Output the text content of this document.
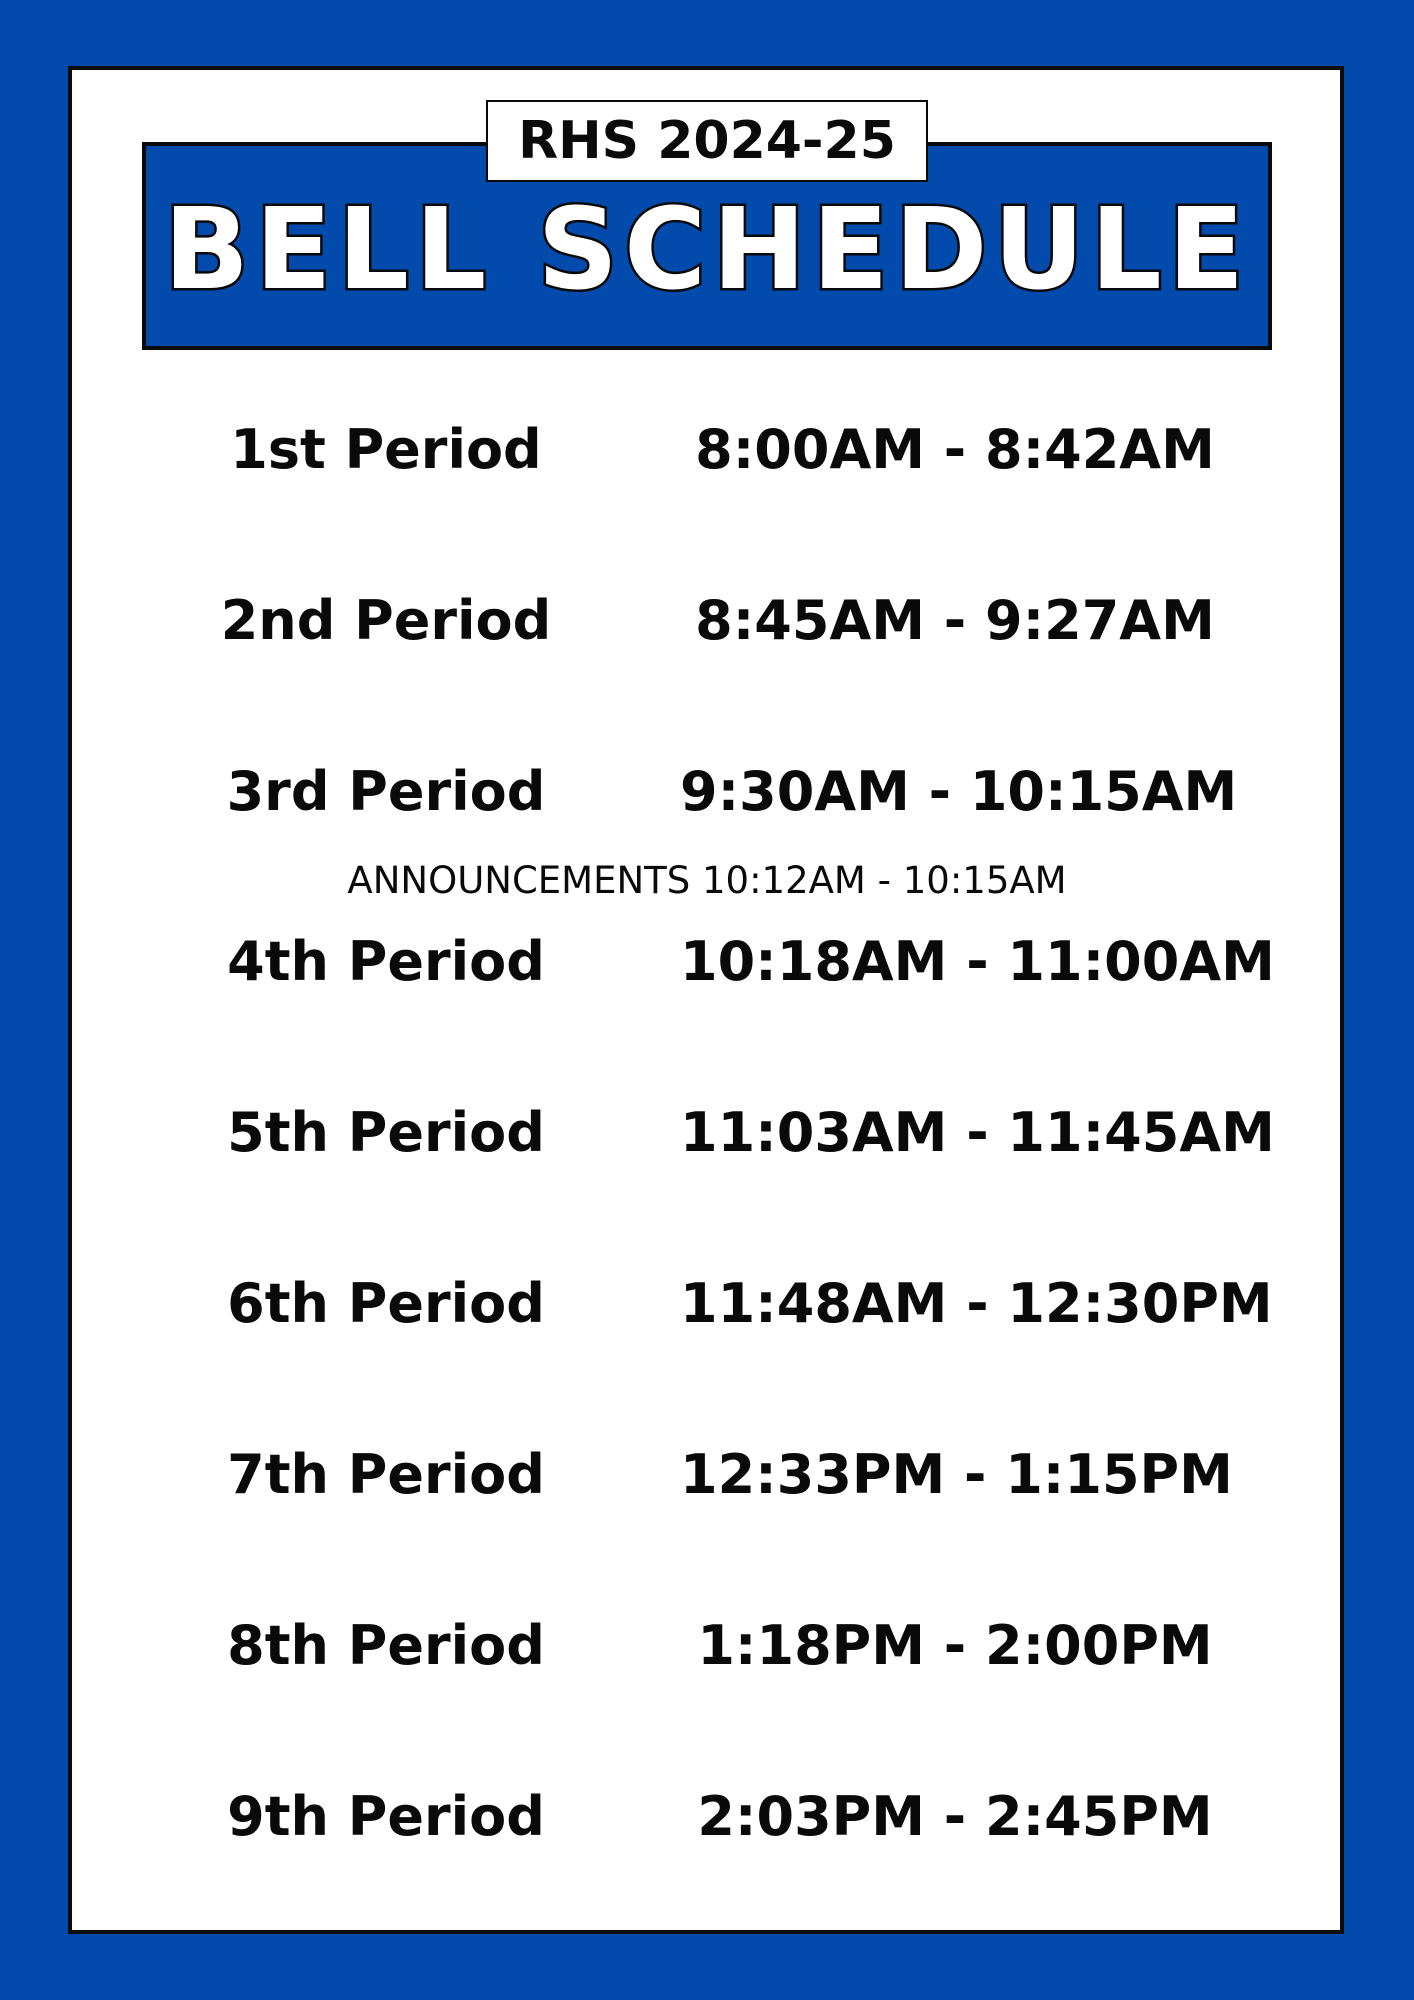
BELL SCHEDULE
RHS 2024-25
1st Period	8:00AM - 8:42AM
2nd Period	8:45AM - 9:27AM
3rd Period	9:30AM - 10:15AM
ANNOUNCEMENTS 10:12AM - 10:15AM
4th Period	10:18AM - 11:00AM
5th Period	11:03AM - 11:45AM
6th Period	11:48AM - 12:30PM
7th Period	12:33PM - 1:15PM
8th Period	1:18PM - 2:00PM
9th Period	2:03PM - 2:45PM
